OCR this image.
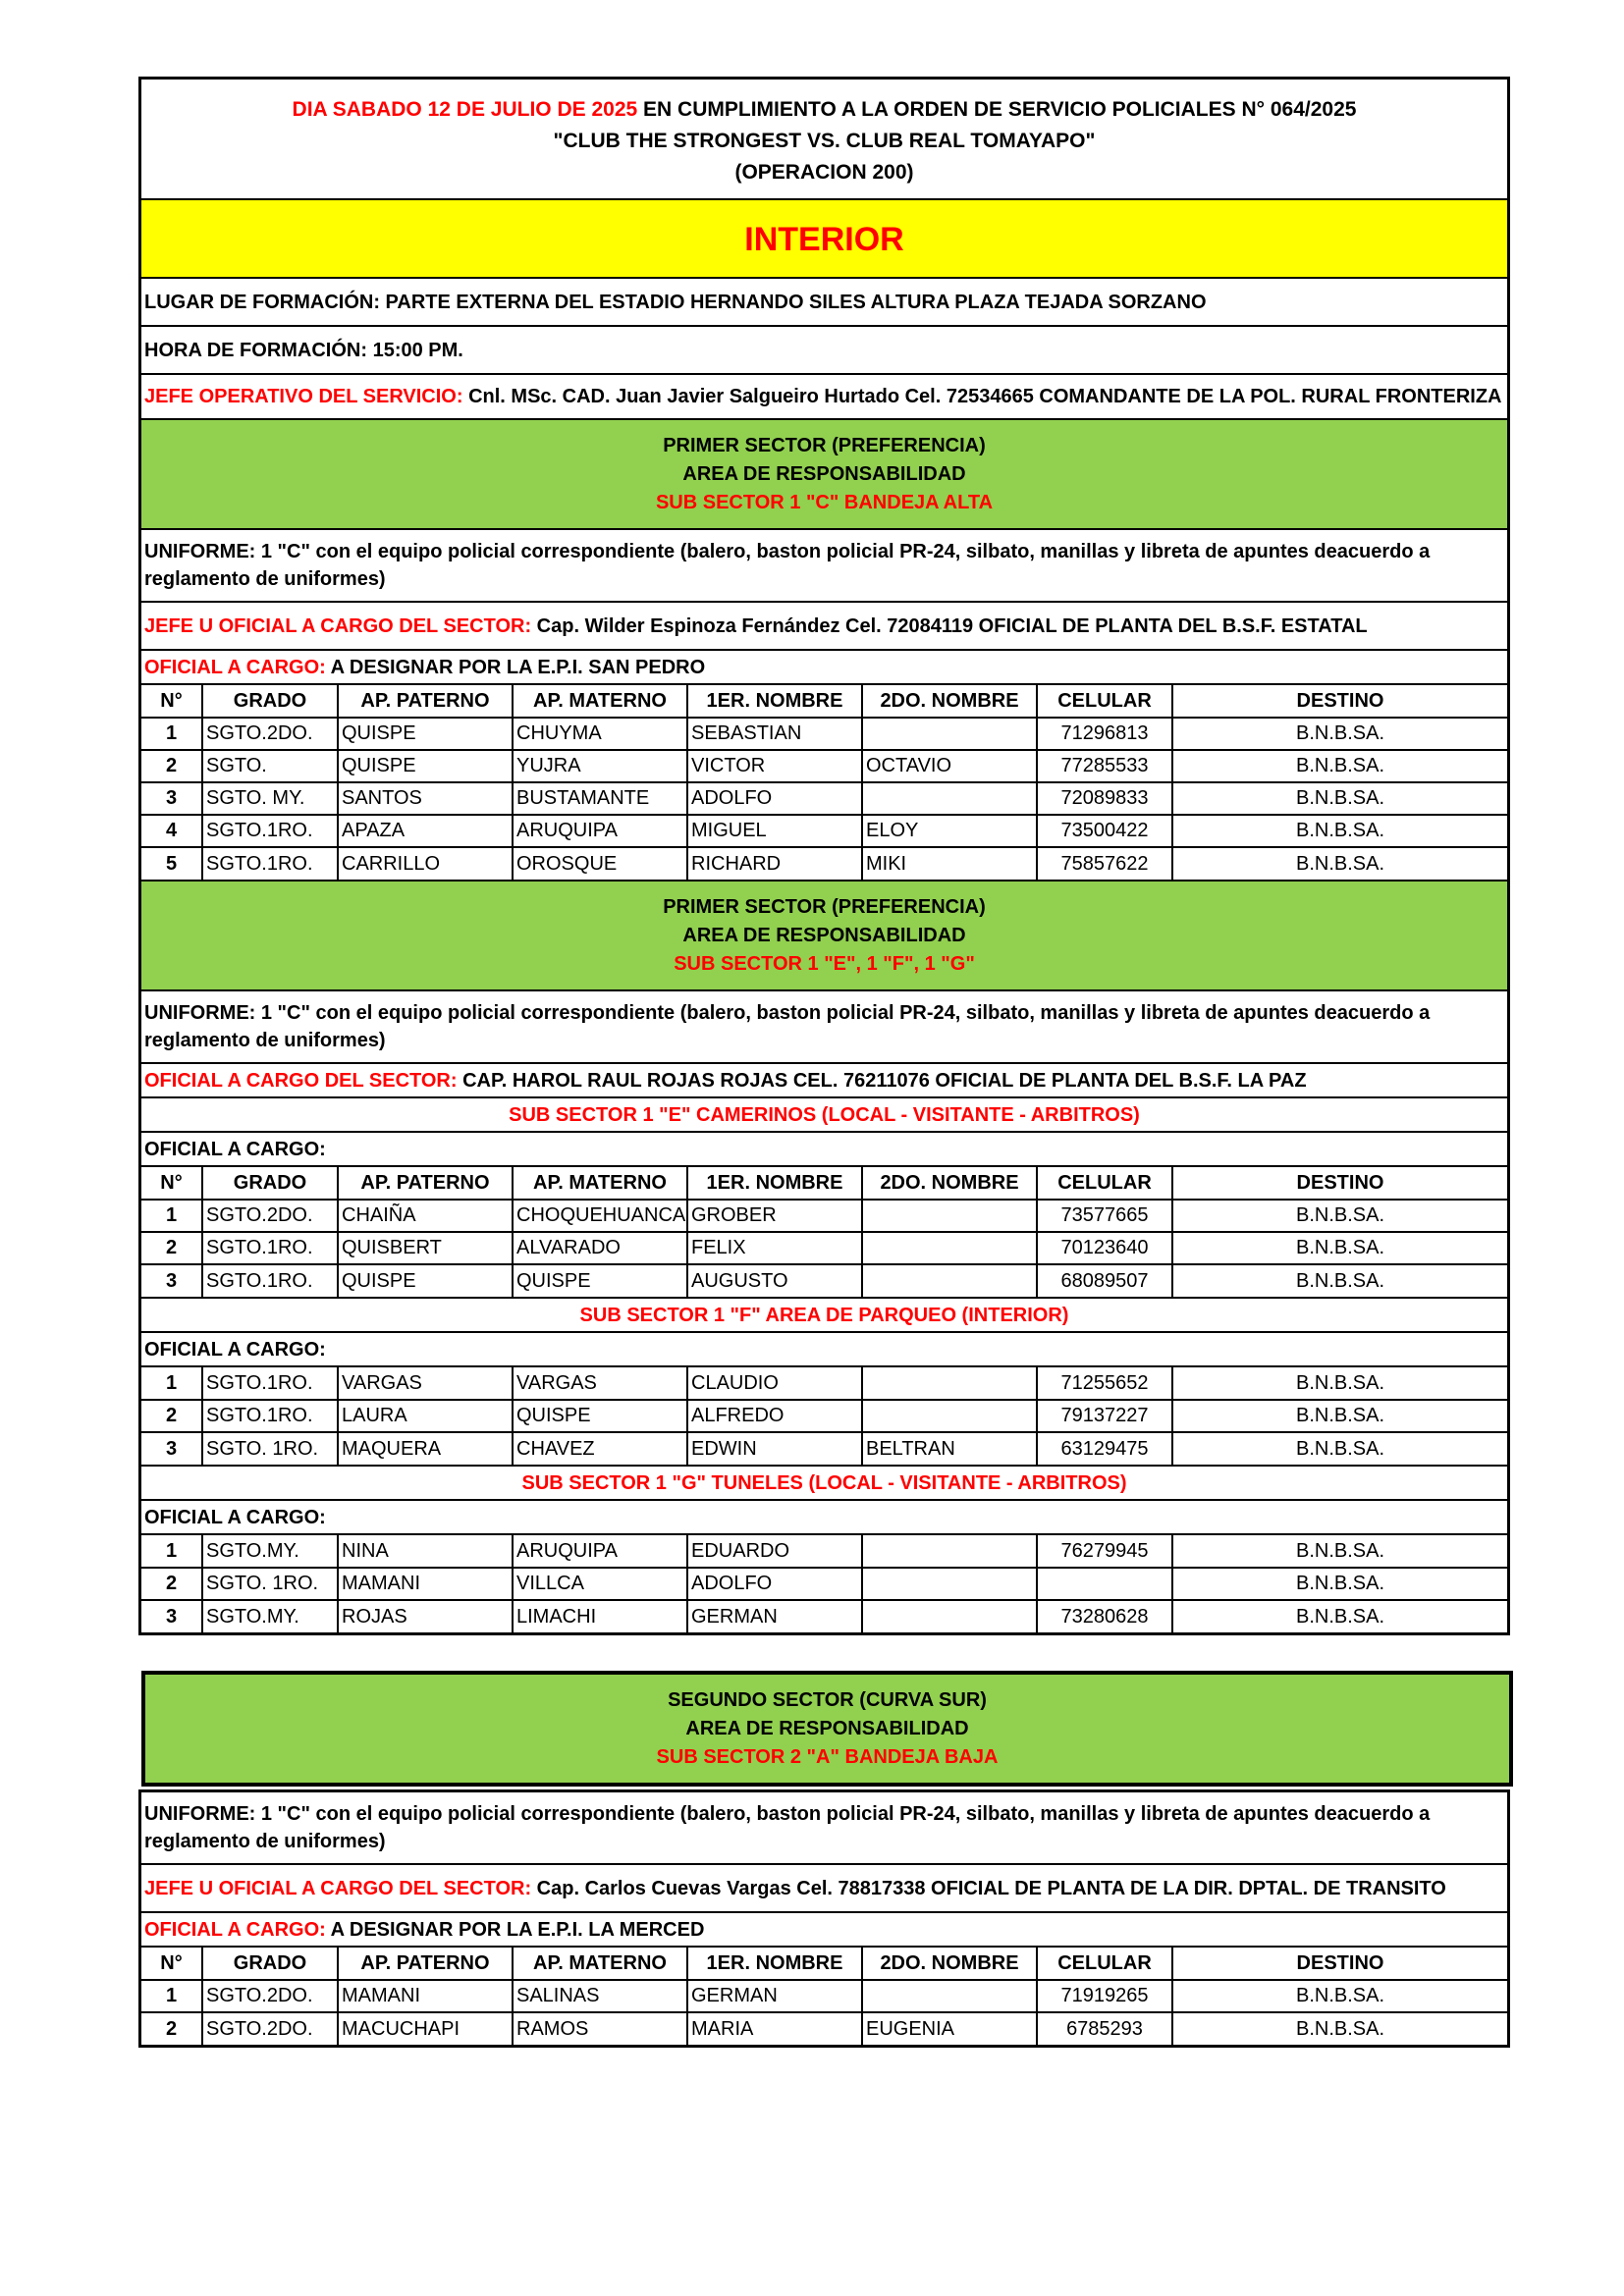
DIA SABADO 12 DE JULIO DE 2025 EN CUMPLIMIENTO A LA ORDEN DE SERVICIO POLICIALES N° 064/2025
"CLUB THE STRONGEST VS. CLUB REAL TOMAYAPO"
(OPERACION 200)
INTERIOR
LUGAR DE FORMACIÓN: PARTE EXTERNA DEL ESTADIO HERNANDO SILES ALTURA PLAZA TEJADA SORZANO
HORA DE FORMACIÓN: 15:00 PM.
JEFE OPERATIVO DEL SERVICIO: Cnl. MSc. CAD. Juan Javier Salgueiro Hurtado Cel. 72534665 COMANDANTE DE LA POL. RURAL FRONTERIZA
PRIMER SECTOR (PREFERENCIA)
AREA DE RESPONSABILIDAD
SUB SECTOR 1 "C" BANDEJA ALTA
UNIFORME: 1 "C" con el equipo policial correspondiente (balero, baston policial PR-24, silbato, manillas y libreta de apuntes deacuerdo a reglamento de uniformes)
JEFE U OFICIAL A CARGO DEL SECTOR: Cap. Wilder Espinoza Fernández Cel. 72084119 OFICIAL DE PLANTA DEL B.S.F. ESTATAL
OFICIAL A CARGO: A DESIGNAR POR LA E.P.I. SAN PEDRO
N°	GRADO	AP. PATERNO	AP. MATERNO	1ER. NOMBRE	2DO. NOMBRE	CELULAR	DESTINO
1	SGTO.2DO.	QUISPE	CHUYMA	SEBASTIAN		71296813	B.N.B.SA.
2	SGTO.	QUISPE	YUJRA	VICTOR	OCTAVIO	77285533	B.N.B.SA.
3	SGTO. MY.	SANTOS	BUSTAMANTE	ADOLFO		72089833	B.N.B.SA.
4	SGTO.1RO.	APAZA	ARUQUIPA	MIGUEL	ELOY	73500422	B.N.B.SA.
5	SGTO.1RO.	CARRILLO	OROSQUE	RICHARD	MIKI	75857622	B.N.B.SA.
PRIMER SECTOR (PREFERENCIA)
AREA DE RESPONSABILIDAD
SUB SECTOR 1 "E", 1 "F", 1 "G"
UNIFORME: 1 "C" con el equipo policial correspondiente (balero, baston policial PR-24, silbato, manillas y libreta de apuntes deacuerdo a reglamento de uniformes)
OFICIAL A CARGO DEL SECTOR: CAP. HAROL RAUL ROJAS ROJAS CEL. 76211076 OFICIAL DE PLANTA DEL B.S.F. LA PAZ
SUB SECTOR 1 "E" CAMERINOS (LOCAL - VISITANTE - ARBITROS)
OFICIAL A CARGO:
N°	GRADO	AP. PATERNO	AP. MATERNO	1ER. NOMBRE	2DO. NOMBRE	CELULAR	DESTINO
1	SGTO.2DO.	CHAIÑA	CHOQUEHUANCA	GROBER		73577665	B.N.B.SA.
2	SGTO.1RO.	QUISBERT	ALVARADO	FELIX		70123640	B.N.B.SA.
3	SGTO.1RO.	QUISPE	QUISPE	AUGUSTO		68089507	B.N.B.SA.
SUB SECTOR 1 "F" AREA DE PARQUEO (INTERIOR)
OFICIAL A CARGO:
1	SGTO.1RO.	VARGAS	VARGAS	CLAUDIO		71255652	B.N.B.SA.
2	SGTO.1RO.	LAURA	QUISPE	ALFREDO		79137227	B.N.B.SA.
3	SGTO. 1RO.	MAQUERA	CHAVEZ	EDWIN	BELTRAN	63129475	B.N.B.SA.
SUB SECTOR 1 "G" TUNELES (LOCAL - VISITANTE - ARBITROS)
OFICIAL A CARGO:
1	SGTO.MY.	NINA	ARUQUIPA	EDUARDO		76279945	B.N.B.SA.
2	SGTO. 1RO.	MAMANI	VILLCA	ADOLFO			B.N.B.SA.
3	SGTO.MY.	ROJAS	LIMACHI	GERMAN		73280628	B.N.B.SA.
SEGUNDO SECTOR (CURVA SUR)
AREA DE RESPONSABILIDAD
SUB SECTOR 2 "A" BANDEJA BAJA
UNIFORME: 1 "C" con el equipo policial correspondiente (balero, baston policial PR-24, silbato, manillas y libreta de apuntes deacuerdo a reglamento de uniformes)
JEFE U OFICIAL A CARGO DEL SECTOR: Cap. Carlos Cuevas Vargas Cel. 78817338 OFICIAL DE PLANTA DE LA DIR. DPTAL. DE TRANSITO
OFICIAL A CARGO: A DESIGNAR POR LA E.P.I. LA MERCED
N°	GRADO	AP. PATERNO	AP. MATERNO	1ER. NOMBRE	2DO. NOMBRE	CELULAR	DESTINO
1	SGTO.2DO.	MAMANI	SALINAS	GERMAN		71919265	B.N.B.SA.
2	SGTO.2DO.	MACUCHAPI	RAMOS	MARIA	EUGENIA	6785293	B.N.B.SA.
